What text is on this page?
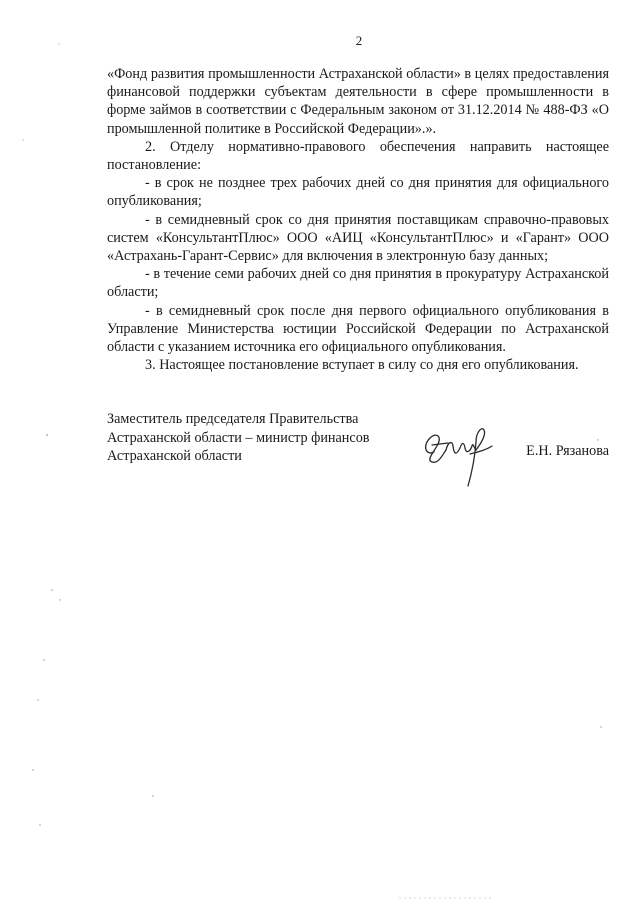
2

«Фонд развития промышленности Астраханской области» в целях предоставления финансовой поддержки субъектам деятельности в сфере промышленности в форме займов в соответствии с Федеральным законом от 31.12.2014 № 488-ФЗ «О промышленной политике в Российской Федерации».».

2. Отделу нормативно-правового обеспечения направить настоящее постановление:

- в срок не позднее трех рабочих дней со дня принятия для официального опубликования;

- в семидневный срок со дня принятия поставщикам справочно-правовых систем «КонсультантПлюс» ООО «АИЦ «КонсультантПлюс» и «Гарант» ООО «Астрахань-Гарант-Сервис» для включения в электронную базу данных;

- в течение семи рабочих дней со дня принятия в прокуратуру Астраханской области;

- в семидневный срок после дня первого официального опубликования в Управление Министерства юстиции Российской Федерации по Астраханской области с указанием источника его официального опубликования.

3. Настоящее постановление вступает в силу со дня его опубликования.

Заместитель председателя Правительства
Астраханской области – министр финансов
Астраханской области	Е.Н. Рязанова
